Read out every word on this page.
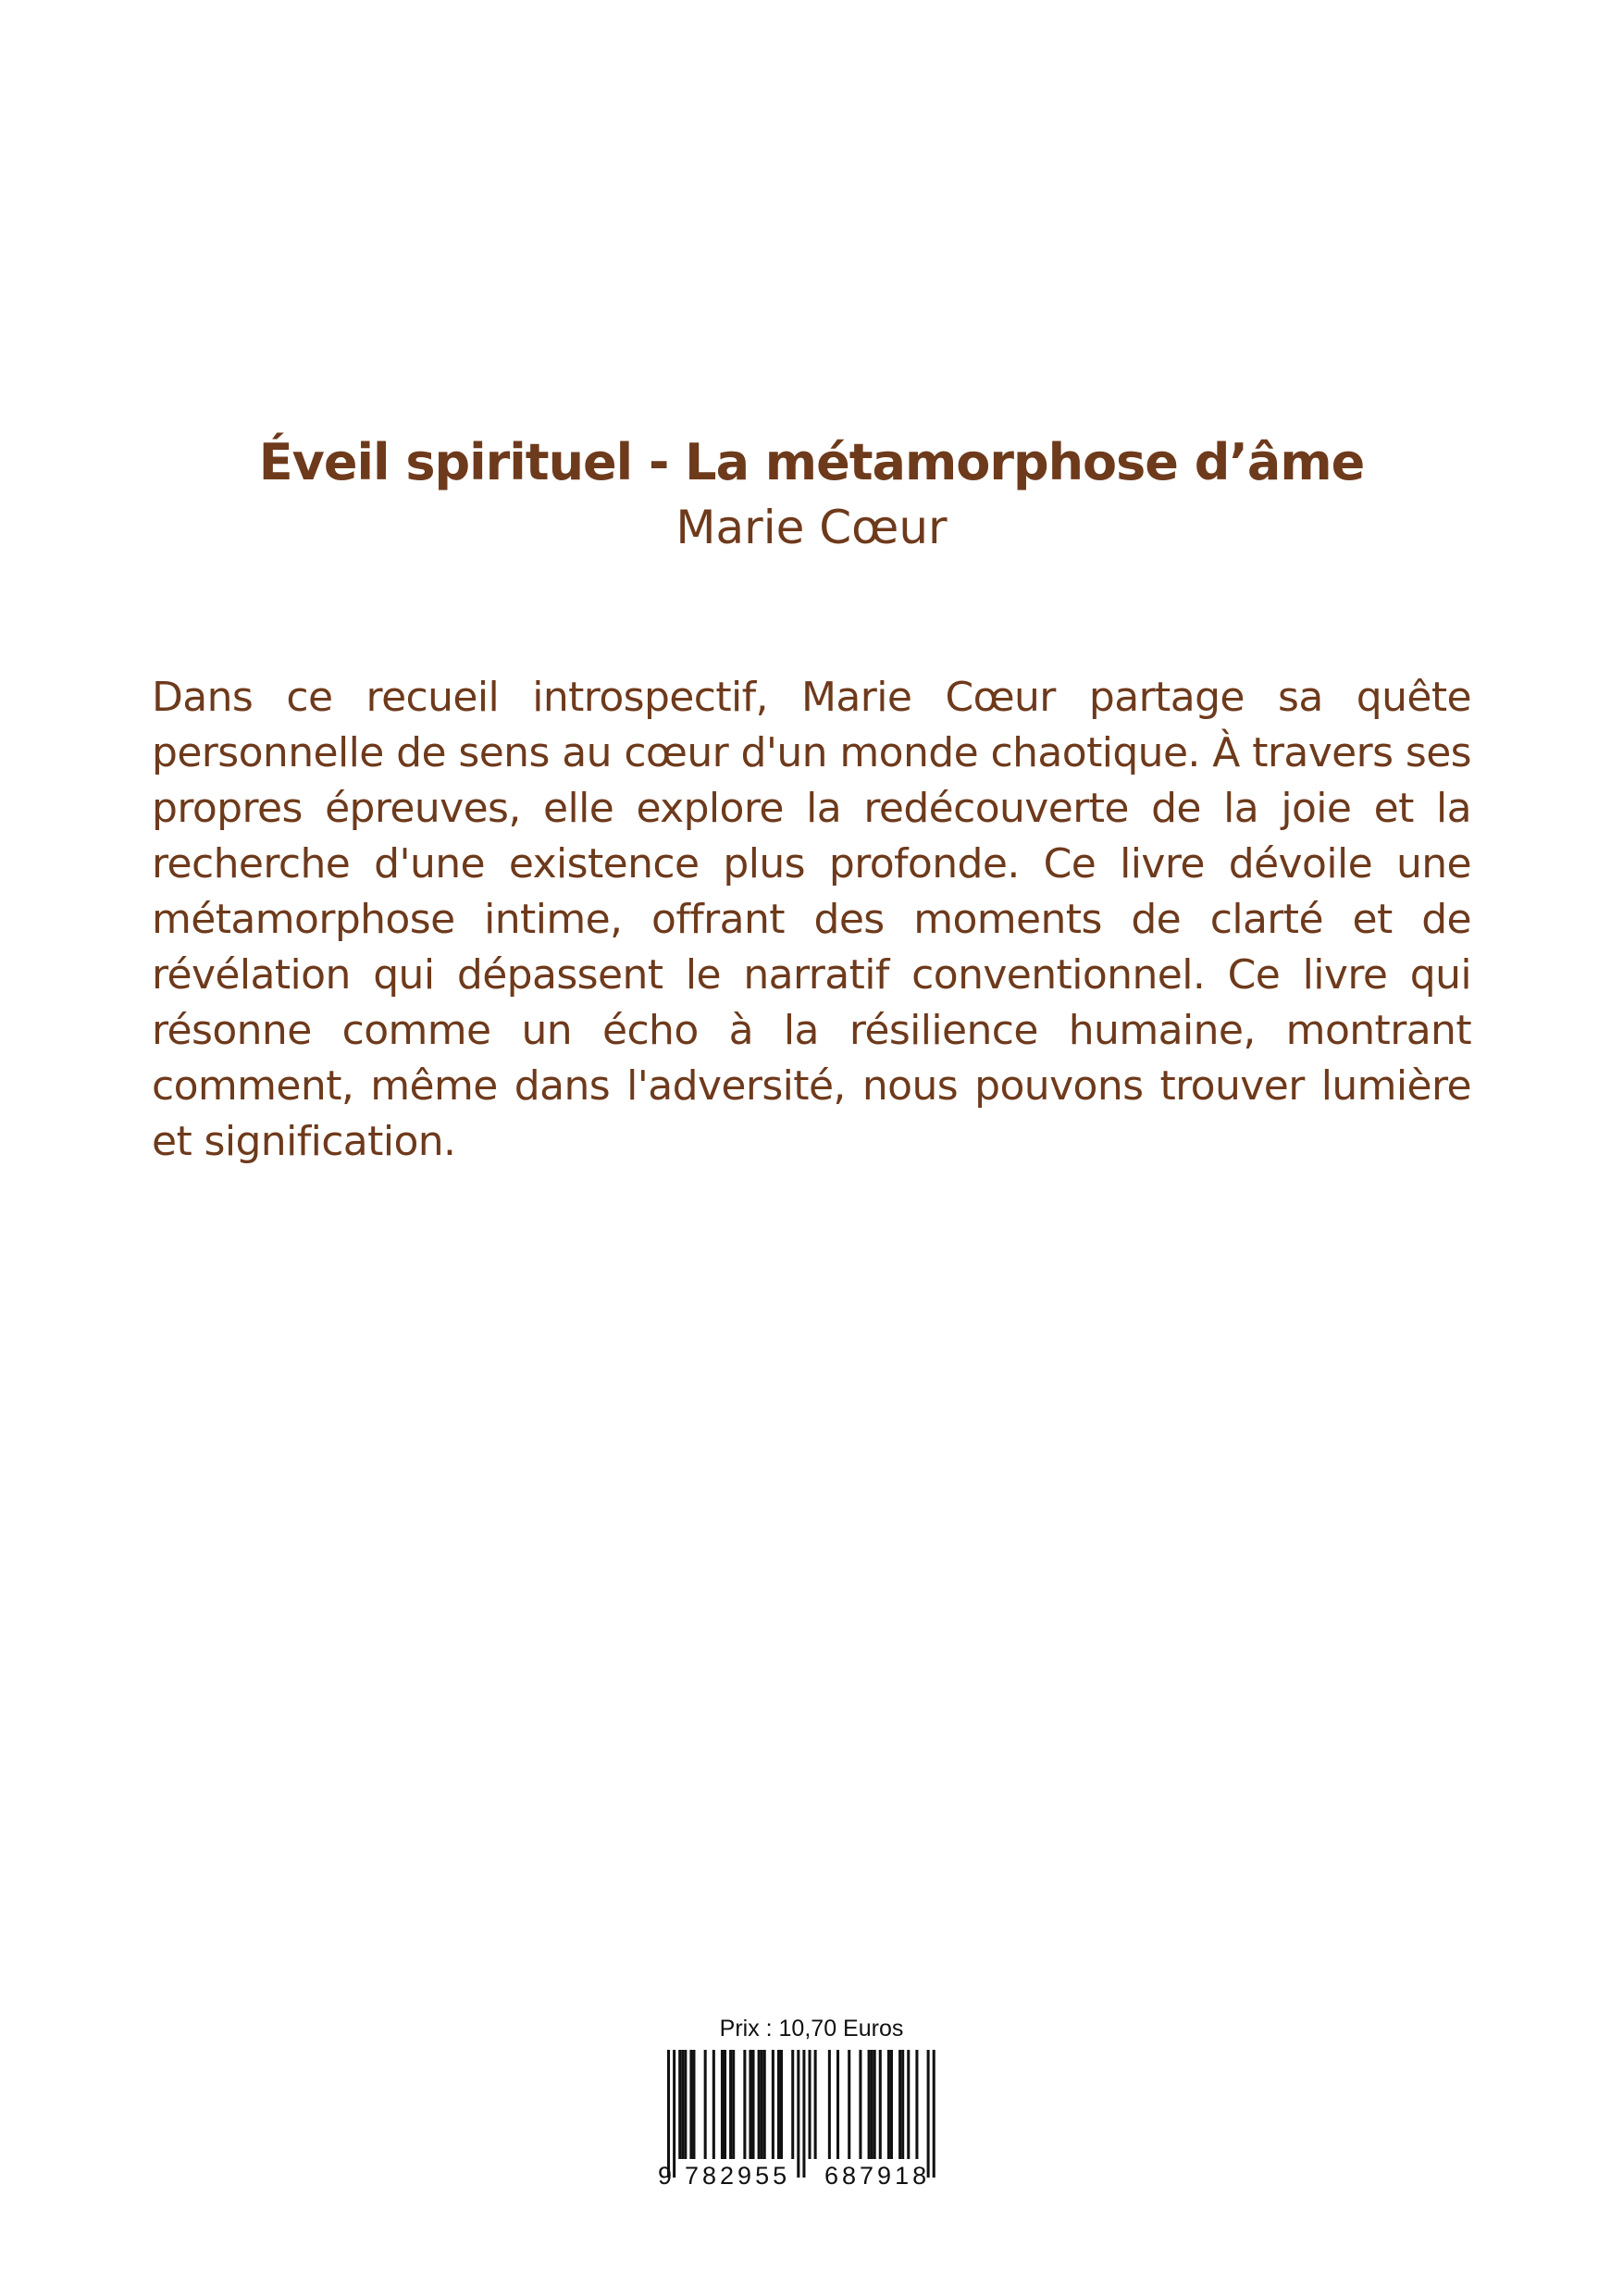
Éveil spirituel - La métamorphose d’âme
Marie Cœur

Dans ce recueil introspectif, Marie Cœur partage sa quête personnelle de sens au cœur d'un monde chaotique. À travers ses propres épreuves, elle explore la redécouverte de la joie et la recherche d'une existence plus profonde. Ce livre dévoile une métamorphose intime, offrant des moments de clarté et de révélation qui dépassent le narratif conventionnel. Ce livre qui résonne comme un écho à la résilience humaine, montrant comment, même dans l'adversité, nous pouvons trouver lumière et signification.

Prix : 10,70 Euros
9 782955 687918
